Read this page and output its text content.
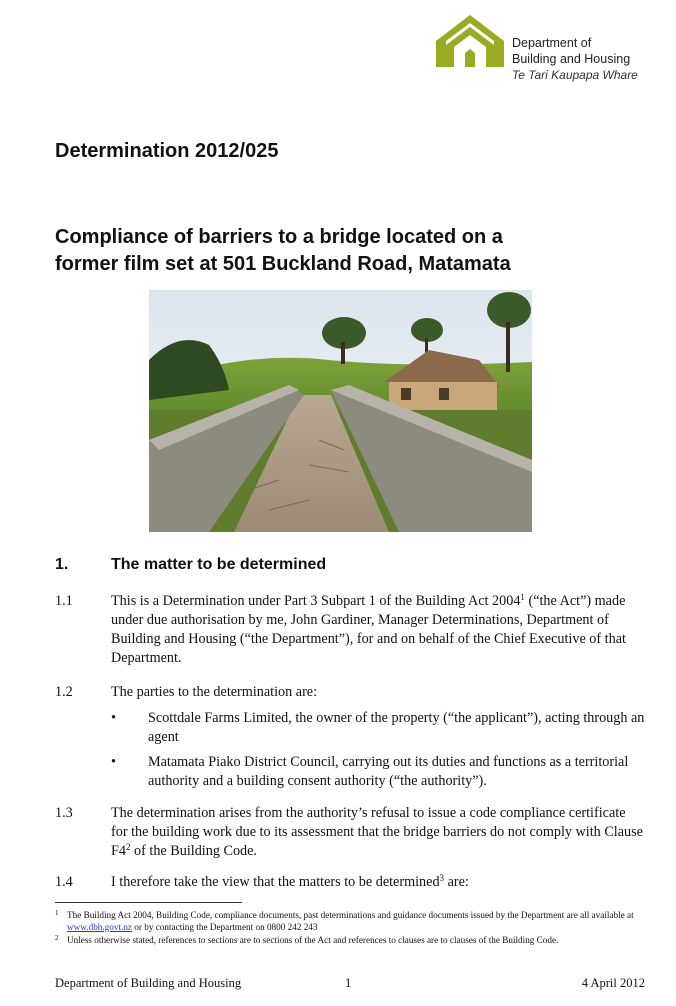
Department of
Building and Housing
Te Tari Kaupapa Whare
Determination 2012/025
Compliance of barriers to a bridge located on a
former film set at 501 Buckland Road, Matamata
1.	The matter to be determined
1.1	This is a Determination under Part 3 Subpart 1 of the Building Act 2004$^1$ (“the Act”) made under due authorisation by me, John Gardiner, Manager Determinations, Department of Building and Housing (“the Department”), for and on behalf of the Chief Executive of that Department.
1.2	The parties to the determination are:
• Scottdale Farms Limited, the owner of the property (“the applicant”), acting through an agent
• Matamata Piako District Council, carrying out its duties and functions as a territorial authority and a building consent authority (“the authority”).
1.3	The determination arises from the authority’s refusal to issue a code compliance certificate for the building work due to its assessment that the bridge barriers do not comply with Clause $F4^2$ of the Building Code.
1.4	I therefore take the view that the matters to be determined$^3$ are:
1 The Building Act 2004, Building Code, compliance documents, past determinations and guidance documents issued by the Department are all available at www.dbh.govt.nz or by contacting the Department on 0800 242 243
2 Unless otherwise stated, references to sections are to sections of the Act and references to clauses are to clauses of the Building Code.
Department of Building and Housing	1	4 April 2012
